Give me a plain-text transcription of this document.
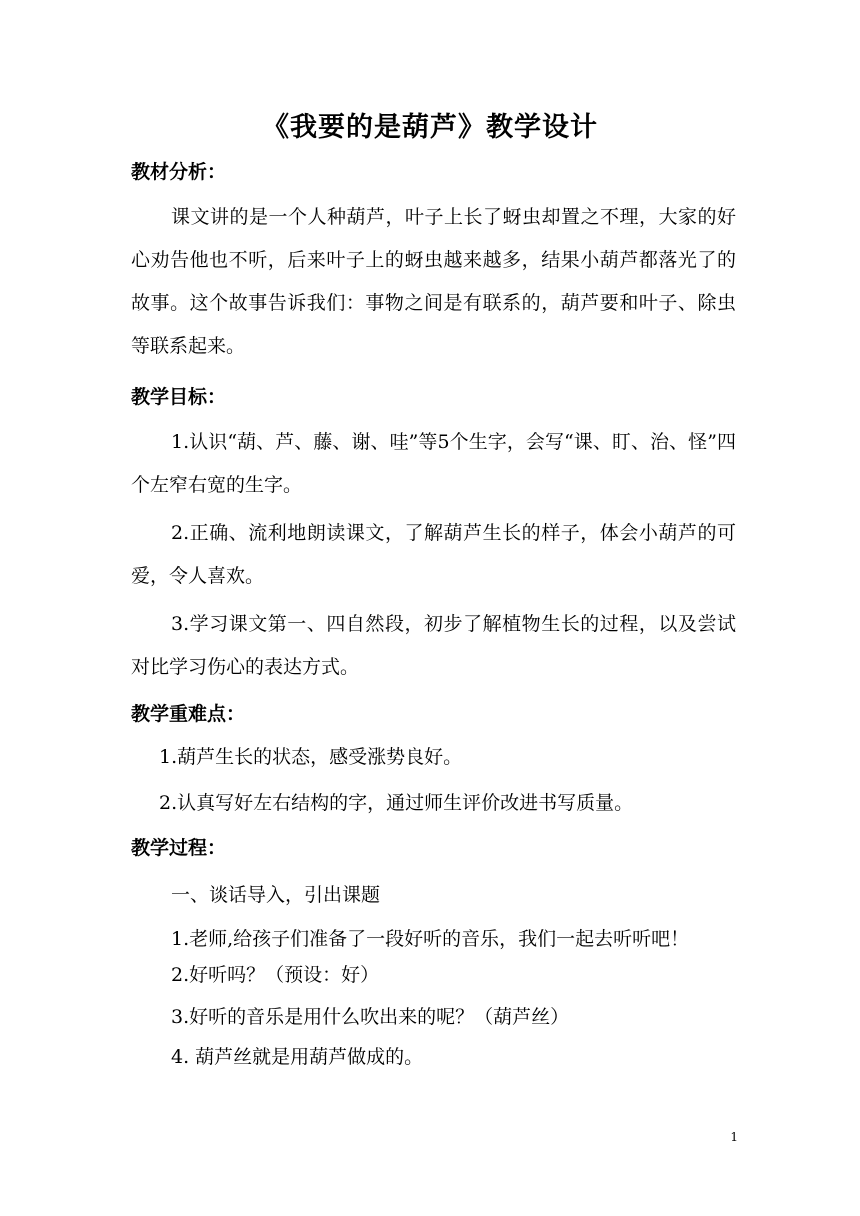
《我要的是葫芦》教学设计
教材分析：
课文讲的是一个人种葫芦，叶子上长了蚜虫却置之不理，大家的好心劝告他也不听，后来叶子上的蚜虫越来越多，结果小葫芦都落光了的故事。这个故事告诉我们：事物之间是有联系的，葫芦要和叶子、除虫等联系起来。
教学目标：
1.认识“葫、芦、藤、谢、哇”等5个生字，会写“课、盯、治、怪”四个左窄右宽的生字。
2.正确、流利地朗读课文，了解葫芦生长的样子，体会小葫芦的可爱，令人喜欢。
3.学习课文第一、四自然段，初步了解植物生长的过程，以及尝试对比学习伤心的表达方式。
教学重难点：
1.葫芦生长的状态，感受涨势良好。
2.认真写好左右结构的字，通过师生评价改进书写质量。
教学过程：
一、谈话导入，引出课题
1.老师,给孩子们准备了一段好听的音乐，我们一起去听听吧！
2.好听吗？（预设：好）
3.好听的音乐是用什么吹出来的呢？（葫芦丝）
4. 葫芦丝就是用葫芦做成的。
1
